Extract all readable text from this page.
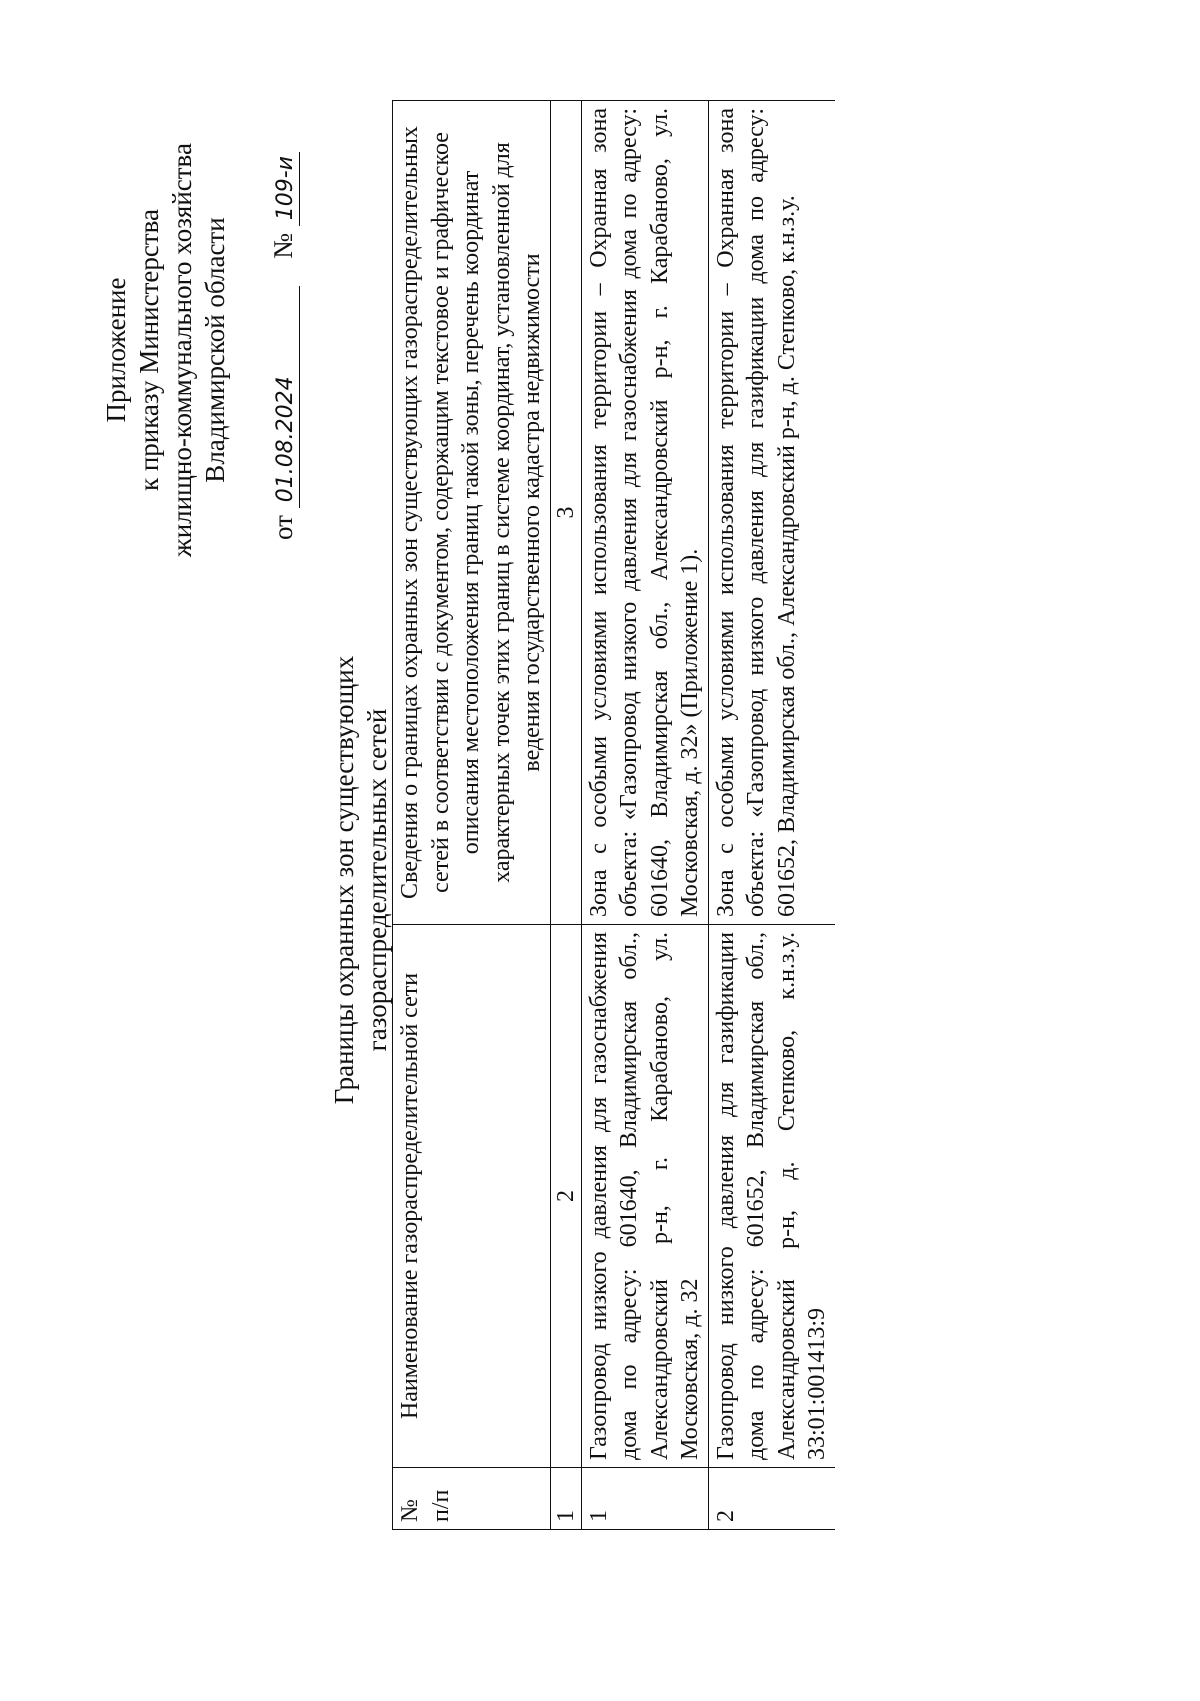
Приложение к приказу Министерства жилищно-коммунального хозяйства Владимирской области
от 01.08.2024  № 109-и
Границы охранных зон существующих газораспределительных сетей
№ п/п	Наименование газораспределительной сети	Сведения о границах охранных зон существующих газораспределительных сетей в соответствии с документом, содержащим текстовое и графическое описания местоположения границ такой зоны, перечень координат характерных точек этих границ в системе координат, установленной для ведения государственного кадастра недвижимости
1	2	3
1	Газопровод низкого давления для газоснабжения дома по адресу: 601640, Владимирская обл., Александровский р-н, г. Карабаново, ул. Московская, д. 32	Зона с особыми условиями использования территории – Охранная зона объекта: «Газопровод низкого давления для газоснабжения дома по адресу: 601640, Владимирская обл., Александровский р-н, г. Карабаново, ул. Московская, д. 32» (Приложение 1).
2	Газопровод низкого давления для газификации дома по адресу: 601652, Владимирская обл., Александровский р-н, д. Степково, к.н.з.у. 33:01:001413:9	Зона с особыми условиями использования территории – Охранная зона объекта: «Газопровод низкого давления для газификации дома по адресу: 601652, Владимирская обл., Александровский р-н, д. Степково, к.н.з.у.
